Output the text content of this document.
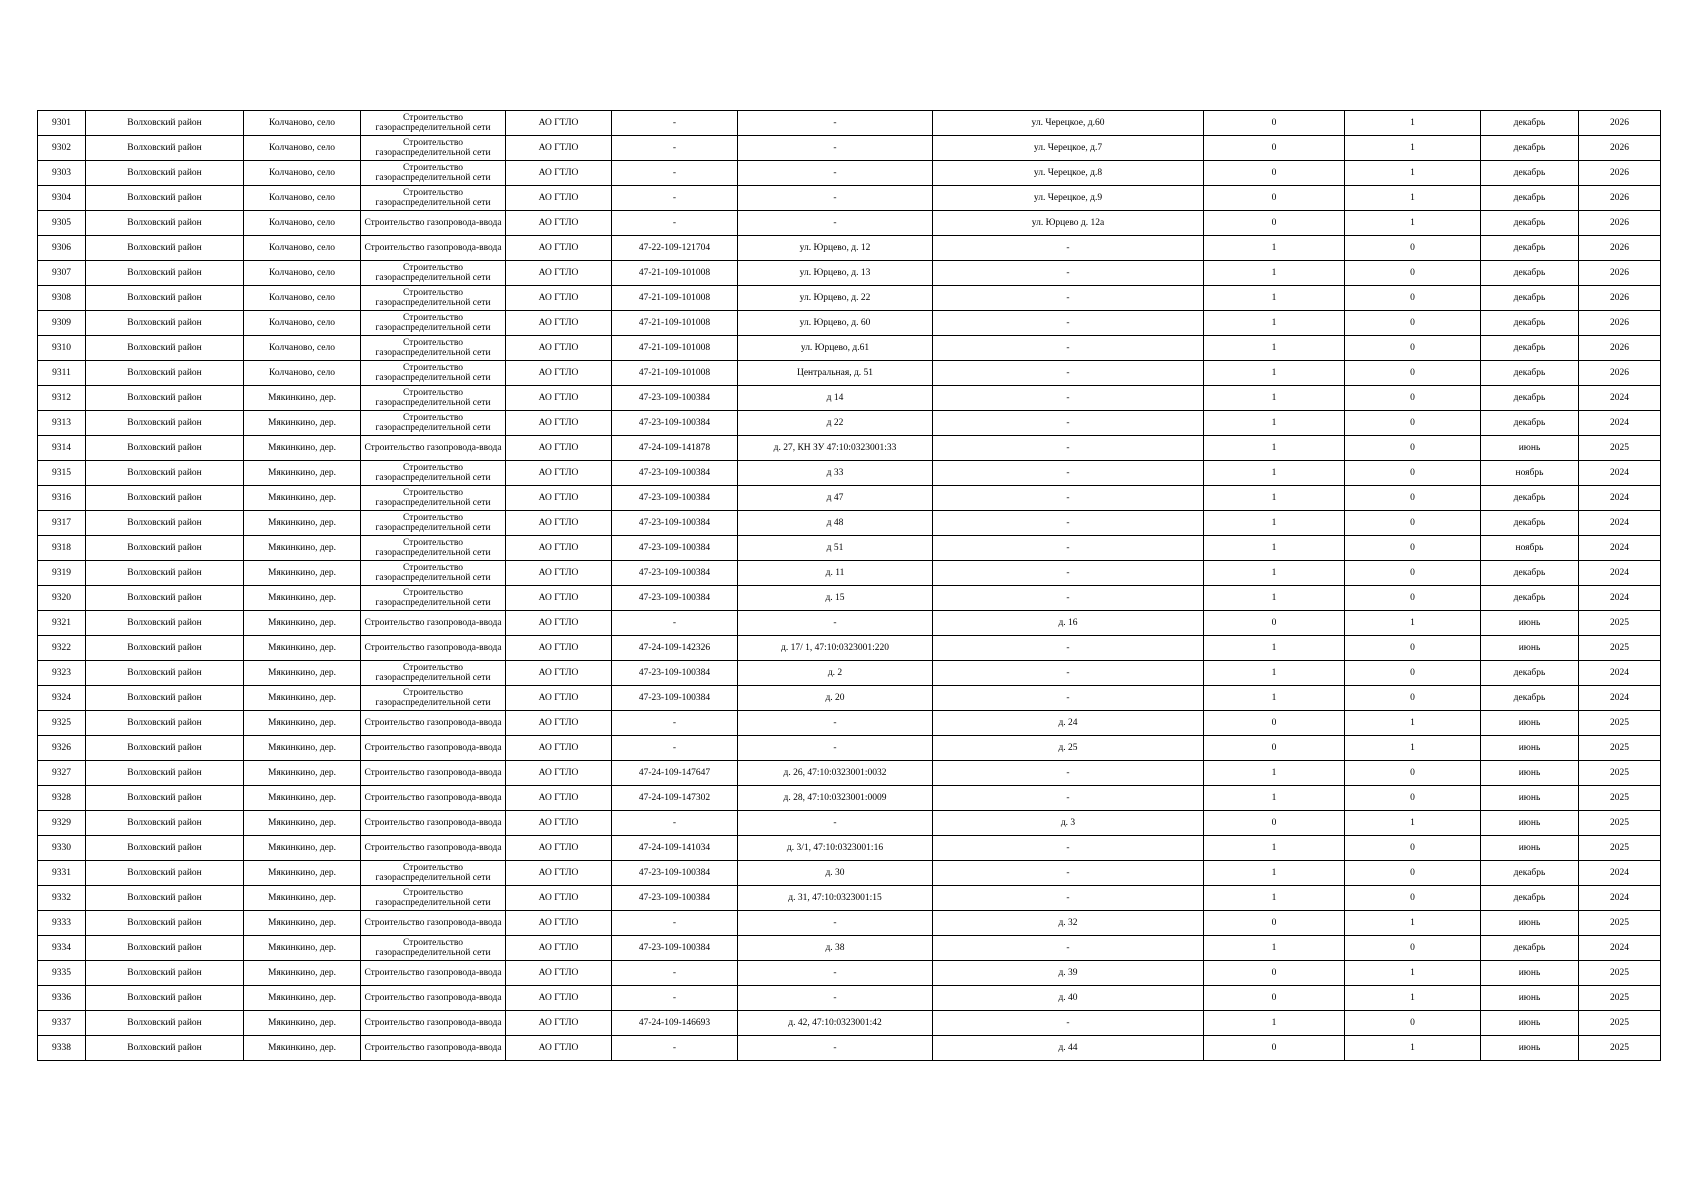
9301	Волховский район	Колчаново, село	Строительство газораспределительной сети	АО ГТЛО	-	-	ул. Черецкое, д.60	0	1	декабрь	2026
9302	Волховский район	Колчаново, село	Строительство газораспределительной сети	АО ГТЛО	-	-	ул. Черецкое, д.7	0	1	декабрь	2026
9303	Волховский район	Колчаново, село	Строительство газораспределительной сети	АО ГТЛО	-	-	ул. Черецкое, д.8	0	1	декабрь	2026
9304	Волховский район	Колчаново, село	Строительство газораспределительной сети	АО ГТЛО	-	-	ул. Черецкое, д.9	0	1	декабрь	2026
9305	Волховский район	Колчаново, село	Строительство газопровода-ввода	АО ГТЛО	-	-	ул. Юрцево д. 12а	0	1	декабрь	2026
9306	Волховский район	Колчаново, село	Строительство газопровода-ввода	АО ГТЛО	47-22-109-121704	ул. Юрцево, д. 12	-	1	0	декабрь	2026
9307	Волховский район	Колчаново, село	Строительство газораспределительной сети	АО ГТЛО	47-21-109-101008	ул. Юрцево, д. 13	-	1	0	декабрь	2026
9308	Волховский район	Колчаново, село	Строительство газораспределительной сети	АО ГТЛО	47-21-109-101008	ул. Юрцево, д. 22	-	1	0	декабрь	2026
9309	Волховский район	Колчаново, село	Строительство газораспределительной сети	АО ГТЛО	47-21-109-101008	ул. Юрцево, д. 60	-	1	0	декабрь	2026
9310	Волховский район	Колчаново, село	Строительство газораспределительной сети	АО ГТЛО	47-21-109-101008	ул. Юрцево, д.61	-	1	0	декабрь	2026
9311	Волховский район	Колчаново, село	Строительство газораспределительной сети	АО ГТЛО	47-21-109-101008	Центральная, д. 51	-	1	0	декабрь	2026
9312	Волховский район	Мякинкино, дер.	Строительство газораспределительной сети	АО ГТЛО	47-23-109-100384	д 14	-	1	0	декабрь	2024
9313	Волховский район	Мякинкино, дер.	Строительство газораспределительной сети	АО ГТЛО	47-23-109-100384	д 22	-	1	0	декабрь	2024
9314	Волховский район	Мякинкино, дер.	Строительство газопровода-ввода	АО ГТЛО	47-24-109-141878	д. 27, КН ЗУ 47:10:0323001:33	-	1	0	июнь	2025
9315	Волховский район	Мякинкино, дер.	Строительство газораспределительной сети	АО ГТЛО	47-23-109-100384	д 33	-	1	0	ноябрь	2024
9316	Волховский район	Мякинкино, дер.	Строительство газораспределительной сети	АО ГТЛО	47-23-109-100384	д 47	-	1	0	декабрь	2024
9317	Волховский район	Мякинкино, дер.	Строительство газораспределительной сети	АО ГТЛО	47-23-109-100384	д 48	-	1	0	декабрь	2024
9318	Волховский район	Мякинкино, дер.	Строительство газораспределительной сети	АО ГТЛО	47-23-109-100384	д 51	-	1	0	ноябрь	2024
9319	Волховский район	Мякинкино, дер.	Строительство газораспределительной сети	АО ГТЛО	47-23-109-100384	д. 11	-	1	0	декабрь	2024
9320	Волховский район	Мякинкино, дер.	Строительство газораспределительной сети	АО ГТЛО	47-23-109-100384	д. 15	-	1	0	декабрь	2024
9321	Волховский район	Мякинкино, дер.	Строительство газопровода-ввода	АО ГТЛО	-	-	д. 16	0	1	июнь	2025
9322	Волховский район	Мякинкино, дер.	Строительство газопровода-ввода	АО ГТЛО	47-24-109-142326	д. 17/ 1, 47:10:0323001:220	-	1	0	июнь	2025
9323	Волховский район	Мякинкино, дер.	Строительство газораспределительной сети	АО ГТЛО	47-23-109-100384	д. 2	-	1	0	декабрь	2024
9324	Волховский район	Мякинкино, дер.	Строительство газораспределительной сети	АО ГТЛО	47-23-109-100384	д. 20	-	1	0	декабрь	2024
9325	Волховский район	Мякинкино, дер.	Строительство газопровода-ввода	АО ГТЛО	-	-	д. 24	0	1	июнь	2025
9326	Волховский район	Мякинкино, дер.	Строительство газопровода-ввода	АО ГТЛО	-	-	д. 25	0	1	июнь	2025
9327	Волховский район	Мякинкино, дер.	Строительство газопровода-ввода	АО ГТЛО	47-24-109-147647	д. 26, 47:10:0323001:0032	-	1	0	июнь	2025
9328	Волховский район	Мякинкино, дер.	Строительство газопровода-ввода	АО ГТЛО	47-24-109-147302	д. 28, 47:10:0323001:0009	-	1	0	июнь	2025
9329	Волховский район	Мякинкино, дер.	Строительство газопровода-ввода	АО ГТЛО	-	-	д. 3	0	1	июнь	2025
9330	Волховский район	Мякинкино, дер.	Строительство газопровода-ввода	АО ГТЛО	47-24-109-141034	д. 3/1, 47:10:0323001:16	-	1	0	июнь	2025
9331	Волховский район	Мякинкино, дер.	Строительство газораспределительной сети	АО ГТЛО	47-23-109-100384	д. 30	-	1	0	декабрь	2024
9332	Волховский район	Мякинкино, дер.	Строительство газораспределительной сети	АО ГТЛО	47-23-109-100384	д. 31, 47:10:0323001:15	-	1	0	декабрь	2024
9333	Волховский район	Мякинкино, дер.	Строительство газопровода-ввода	АО ГТЛО	-	-	д. 32	0	1	июнь	2025
9334	Волховский район	Мякинкино, дер.	Строительство газораспределительной сети	АО ГТЛО	47-23-109-100384	д. 38	-	1	0	декабрь	2024
9335	Волховский район	Мякинкино, дер.	Строительство газопровода-ввода	АО ГТЛО	-	-	д. 39	0	1	июнь	2025
9336	Волховский район	Мякинкино, дер.	Строительство газопровода-ввода	АО ГТЛО	-	-	д. 40	0	1	июнь	2025
9337	Волховский район	Мякинкино, дер.	Строительство газопровода-ввода	АО ГТЛО	47-24-109-146693	д. 42, 47:10:0323001:42	-	1	0	июнь	2025
9338	Волховский район	Мякинкино, дер.	Строительство газопровода-ввода	АО ГТЛО	-	-	д. 44	0	1	июнь	2025
